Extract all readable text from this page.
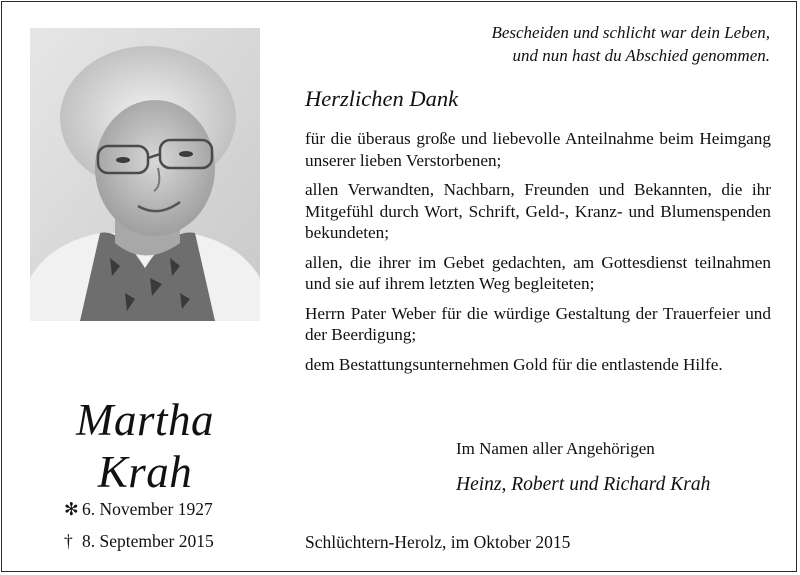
Martha
Krah
✻ 6. November 1927
† 8. September 2015
Bescheiden und schlicht war dein Leben,
und nun hast du Abschied genommen.
Herzlichen Dank

für die überaus große und liebevolle Anteilnahme beim Heimgang unserer lieben Verstorbenen;

allen Verwandten, Nachbarn, Freunden und Bekannten, die ihr Mitgefühl durch Wort, Schrift, Geld-, Kranz- und Blumenspenden bekundeten;

allen, die ihrer im Gebet gedachten, am Gottesdienst teilnahmen und sie auf ihrem letzten Weg begleiteten;

Herrn Pater Weber für die würdige Gestaltung der Trauerfeier und der Beerdigung;

dem Bestattungsunternehmen Gold für die entlastende Hilfe.

Im Namen aller Angehörigen
Heinz, Robert und Richard Krah
Schlüchtern-Herolz, im Oktober 2015
